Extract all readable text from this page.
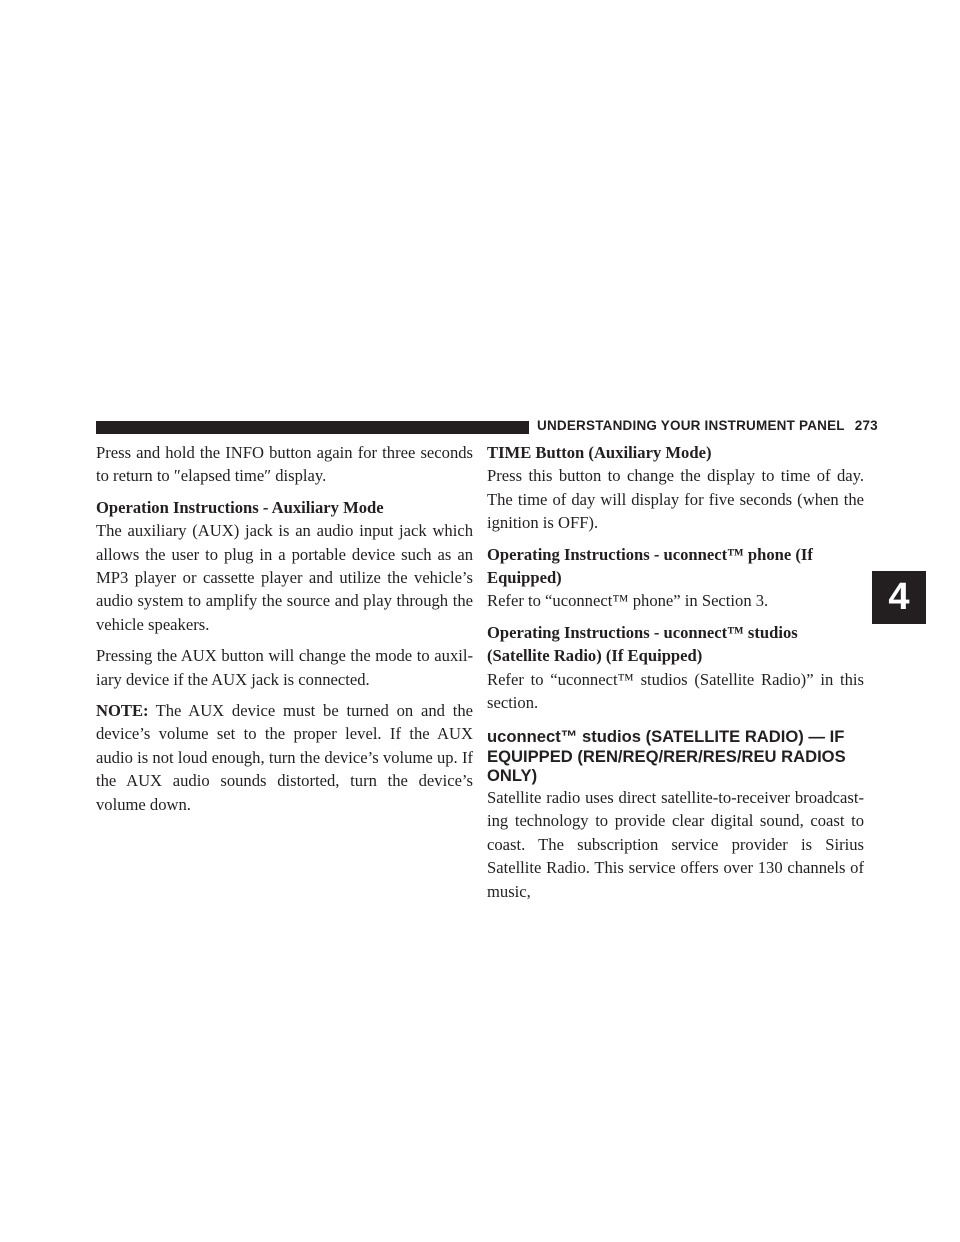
UNDERSTANDING YOUR INSTRUMENT PANEL 273
4

Press and hold the INFO button again for three seconds to return to ″elapsed time″ display.

Operation Instructions - Auxiliary Mode

The auxiliary (AUX) jack is an audio input jack which allows the user to plug in a portable device such as an MP3 player or cassette player and utilize the vehicle’s audio system to amplify the source and play through the vehicle speakers.

Pressing the AUX button will change the mode to auxil-iary device if the AUX jack is connected.

NOTE: The AUX device must be turned on and the device’s volume set to the proper level. If the AUX audio is not loud enough, turn the device’s volume up. If the AUX audio sounds distorted, turn the device’s volume down.

TIME Button (Auxiliary Mode)

Press this button to change the display to time of day. The time of day will display for five seconds (when the ignition is OFF).

Operating Instructions - uconnect™ phone (If Equipped)

Refer to “uconnect™ phone” in Section 3.

Operating Instructions - uconnect™ studios (Satellite Radio) (If Equipped)

Refer to “uconnect™ studios (Satellite Radio)” in this section.

uconnect™ studios (SATELLITE RADIO) — IF EQUIPPED (REN/REQ/RER/RES/REU RADIOS ONLY)

Satellite radio uses direct satellite-to-receiver broadcast-ing technology to provide clear digital sound, coast to coast. The subscription service provider is Sirius Satellite Radio. This service offers over 130 channels of music,
